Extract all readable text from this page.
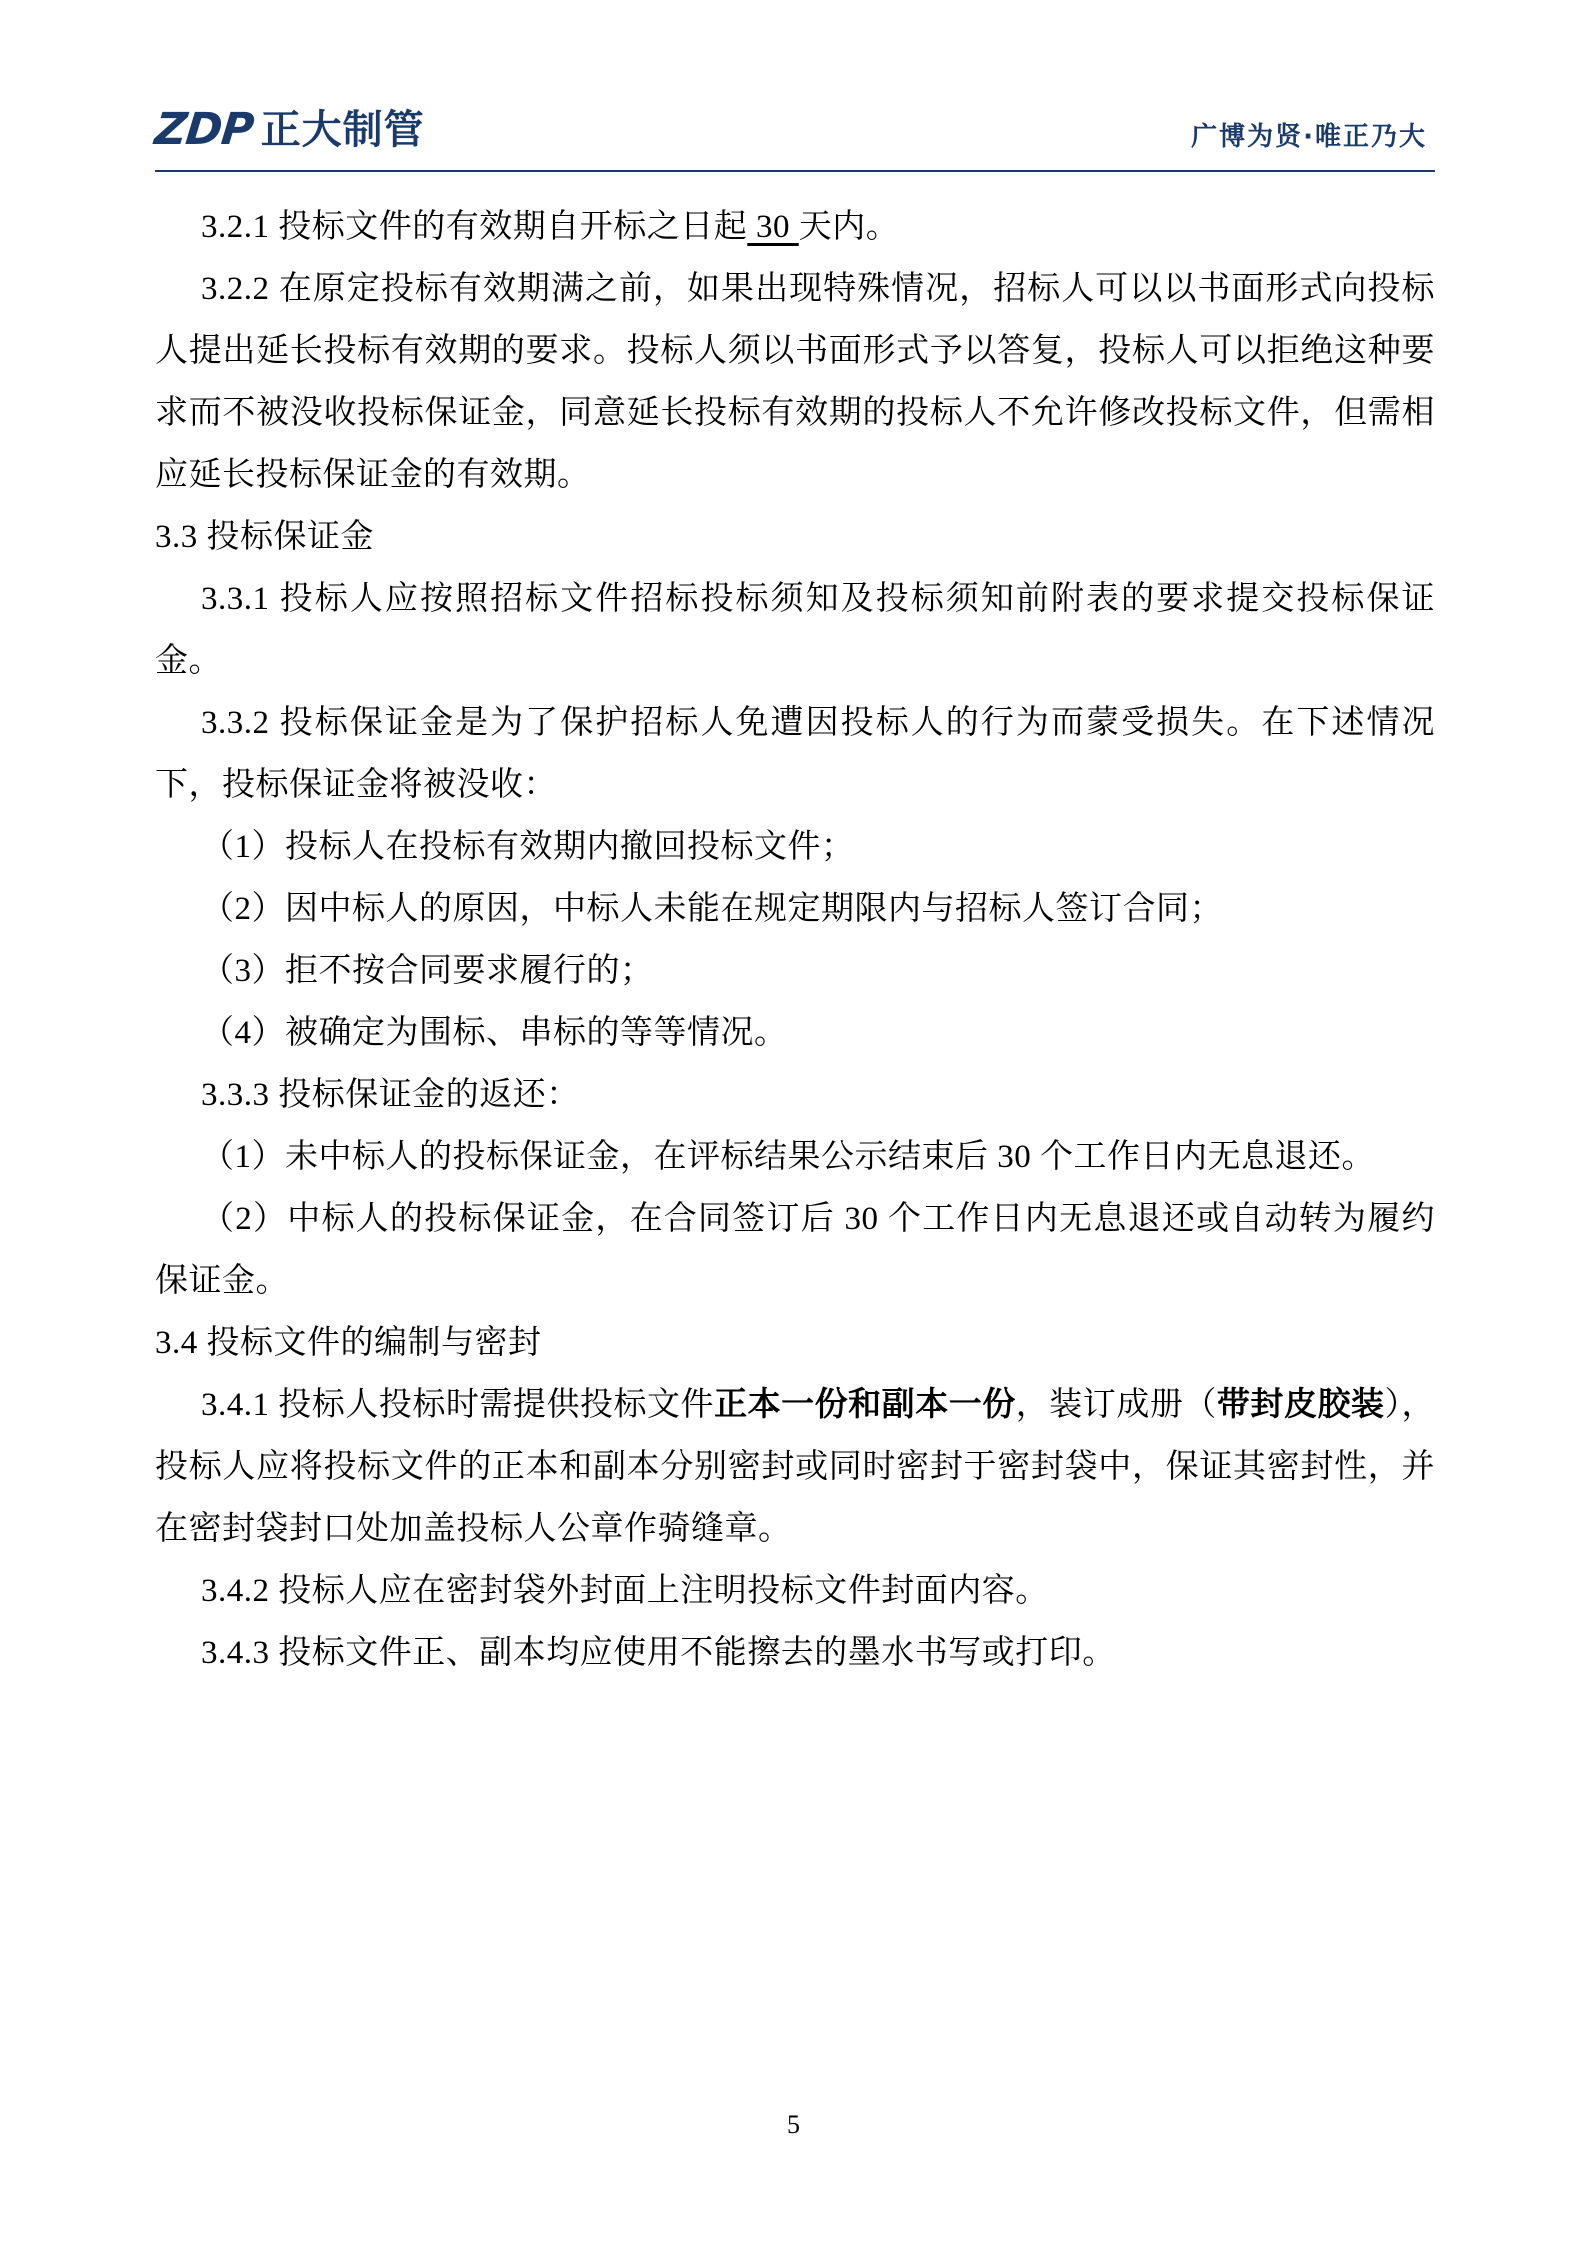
ZDP 正大制管	广博为贤·唯正乃大

3.2.1 投标文件的有效期自开标之日起 30 天内。

3.2.2 在原定投标有效期满之前，如果出现特殊情况，招标人可以以书面形式向投标人提出延长投标有效期的要求。投标人须以书面形式予以答复，投标人可以拒绝这种要求而不被没收投标保证金，同意延长投标有效期的投标人不允许修改投标文件，但需相应延长投标保证金的有效期。

3.3 投标保证金

3.3.1 投标人应按照招标文件招标投标须知及投标须知前附表的要求提交投标保证金。

3.3.2 投标保证金是为了保护招标人免遭因投标人的行为而蒙受损失。在下述情况下，投标保证金将被没收：

（1）投标人在投标有效期内撤回投标文件；

（2）因中标人的原因，中标人未能在规定期限内与招标人签订合同；

（3）拒不按合同要求履行的；

（4）被确定为围标、串标的等等情况。

3.3.3 投标保证金的返还：

（1）未中标人的投标保证金，在评标结果公示结束后 30 个工作日内无息退还。

（2）中标人的投标保证金，在合同签订后 30 个工作日内无息退还或自动转为履约保证金。

3.4 投标文件的编制与密封

3.4.1 投标人投标时需提供投标文件正本一份和副本一份，装订成册（带封皮胶装），投标人应将投标文件的正本和副本分别密封或同时密封于密封袋中，保证其密封性，并在密封袋封口处加盖投标人公章作骑缝章。

3.4.2 投标人应在密封袋外封面上注明投标文件封面内容。

3.4.3 投标文件正、副本均应使用不能擦去的墨水书写或打印。

5
